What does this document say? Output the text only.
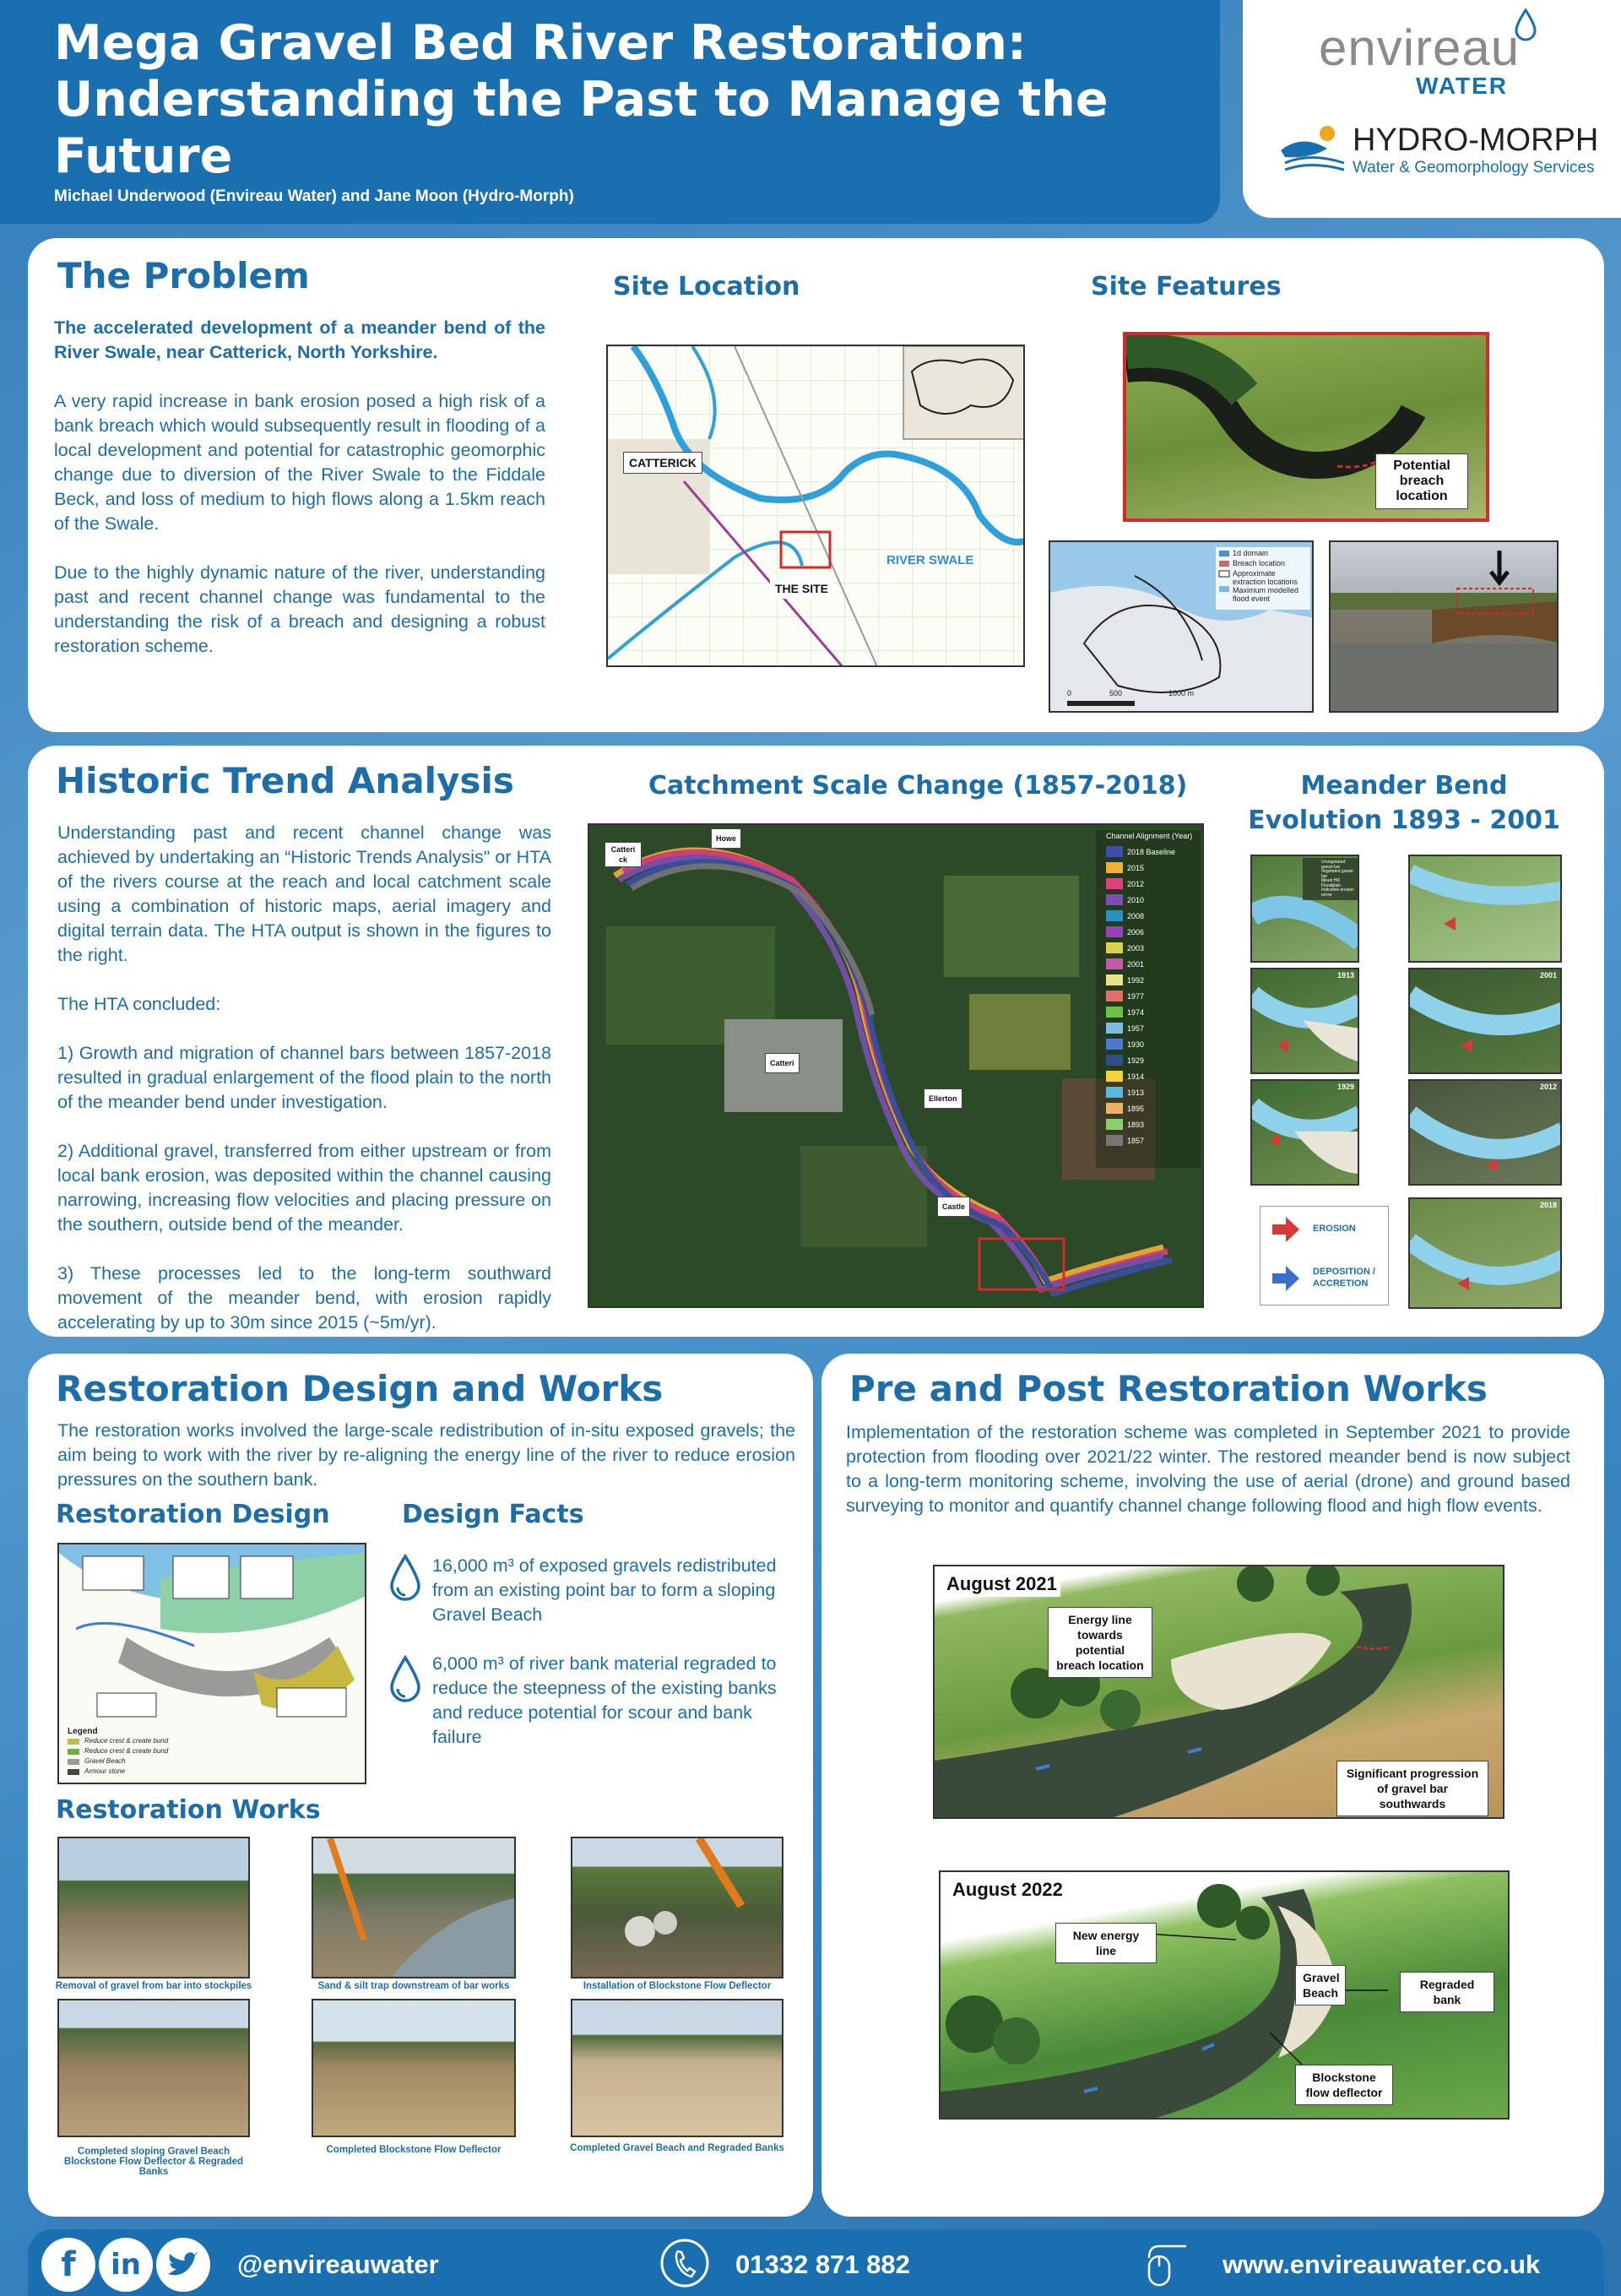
Mega Gravel Bed River Restoration: Understanding the Past to Manage the Future
Michael Underwood (Envireau Water) and Jane Moon (Hydro-Morph)
envireau
WATER
HYDRO-MORPH
Water & Geomorphology Services
The Problem

The accelerated development of a meander bend of the River Swale, near Catterick, North Yorkshire.

A very rapid increase in bank erosion posed a high risk of a bank breach which would subsequently result in flooding of a local development and potential for catastrophic geomorphic change due to diversion of the River Swale to the Fiddale Beck, and loss of medium to high flows along a 1.5km reach of the Swale.

Due to the highly dynamic nature of the river, understanding past and recent channel change was fundamental to the understanding the risk of a breach and designing a robust restoration scheme.

Site Location	Site Features
CATTERICK
THE SITE
RIVER SWALE
Potential breach location
1d domain
Breach location
Approximate extraction locations
Maximum modelled flood event
0	500	1000 m
Historic Trend Analysis

Understanding past and recent channel change was achieved by undertaking an “Historic Trends Analysis" or HTA of the rivers course at the reach and local catchment scale using a combination of historic maps, aerial imagery and digital terrain data. The HTA output is shown in the figures to the right.

The HTA concluded:

1) Growth and migration of channel bars between 1857-2018 resulted in gradual enlargement of the flood plain to the north of the meander bend under investigation.

2) Additional gravel, transferred from either upstream or from local bank erosion, was deposited within the channel causing narrowing, increasing flow velocities and placing pressure on the southern, outside bend of the meander.

3) These processes led to the long-term southward movement of the meander bend, with erosion rapidly accelerating by up to 30m since 2015 (~5m/yr).

Catchment Scale Change (1857-2018)	Meander Bend Evolution 1893 - 2001
Channel Alignment (Year)
2018 Baseline
2015
2012
2010
2008
2006
2003
2001
1992
1977
1974
1957
1930
1929
1914
1913
1895
1893
1857
Catteri ck
Howe
Catteri
Ellerton
Castle
Unvegetated gravel bar
Vegetated gravel bar
Mixed HR Floodplain
Indicative erosion arrow
1913	2001
1929	2012
2018
EROSION
DEPOSITION / ACCRETION
Restoration Design and Works
The restoration works involved the large-scale redistribution of in-situ exposed gravels; the aim being to work with the river by re-aligning the energy line of the river to reduce erosion pressures on the southern bank.
Restoration Design	Design Facts
Legend
Reduce crest & create bund
Reduce crest & create bund
Gravel Beach
Armour stone
16,000 m³ of exposed gravels redistributed from an existing point bar to form a sloping Gravel Beach
6,000 m³ of river bank material regraded to reduce the steepness of the existing banks and reduce potential for scour and bank failure
Restoration Works
Removal of gravel from bar into stockpiles	Sand & silt trap downstream of bar works	Installation of Blockstone Flow Deflector
Completed sloping Gravel Beach Blockstone Flow Deflector & Regraded Banks
Completed Blockstone Flow Deflector	Completed Gravel Beach and Regraded Banks
Pre and Post Restoration Works
Implementation of the restoration scheme was completed in September 2021 to provide protection from flooding over 2021/22 winter. The restored meander bend is now subject to a long-term monitoring scheme, involving the use of aerial (drone) and ground based surveying to monitor and quantify channel change following flood and high flow events.
August 2021
Energy line towards potential breach location
Significant progression of gravel bar southwards
August 2022
New energy line
Gravel Beach
Regraded bank
Blockstone flow deflector
f	in	@envireauwater	01332 871 882	www.envireauwater.co.uk
